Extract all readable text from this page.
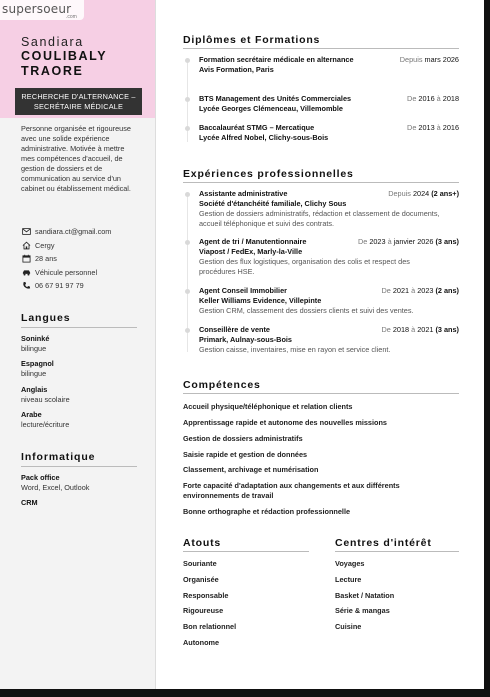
supersoeur
.com
Sandiara
COULIBALY
TRAORE
RECHERCHE D'ALTERNANCE –
SECRÉTAIRE MÉDICALE
Personne organisée et rigoureuse avec une solide expérience administrative. Motivée à mettre mes compétences d'accueil, de gestion de dossiers et de communication au service d'un cabinet ou établissement médical.
sandiara.ct@gmail.com
Cergy
28 ans
Véhicule personnel
06 67 91 97 79
Langues
Soninké
bilingue
Espagnol
bilingue
Anglais
niveau scolaire
Arabe
lecture/écriture
Informatique
Pack office
Word, Excel, Outlook
CRM
Diplômes et Formations
Formation secrétaire médicale en alternance	Depuis mars 2026
Avis Formation, Paris
BTS Management des Unités Commerciales	De 2016 à 2018
Lycée Georges Clémenceau, Villemomble
Baccalauréat STMG – Mercatique	De 2013 à 2016
Lycée Alfred Nobel, Clichy-sous-Bois
Expériences professionnelles
Assistante administrative	Depuis 2024 (2 ans+)
Société d'étanchéité familiale, Clichy Sous
Gestion de dossiers administratifs, rédaction et classement de documents,
accueil téléphonique et suivi des contrats.
Agent de tri / Manutentionnaire	De 2023 à janvier 2026 (3 ans)
Viapost / FedEx, Marly-la-Ville
Gestion des flux logistiques, organisation des colis et respect des
procédures HSE.
Agent Conseil Immobilier	De 2021 à 2023 (2 ans)
Keller Williams Evidence, Villepinte
Gestion CRM, classement des dossiers clients et suivi des ventes.
Conseillère de vente	De 2018 à 2021 (3 ans)
Primark, Aulnay-sous-Bois
Gestion caisse, inventaires, mise en rayon et service client.
Compétences
Accueil physique/téléphonique et relation clients
Apprentissage rapide et autonome des nouvelles missions
Gestion de dossiers administratifs
Saisie rapide et gestion de données
Classement, archivage et numérisation
Forte capacité d'adaptation aux changements et aux différents environnements de travail
Bonne orthographe et rédaction professionnelle
Atouts
Souriante
Organisée
Responsable
Rigoureuse
Bon relationnel
Autonome
Centres d'intérêt
Voyages
Lecture
Basket / Natation
Série & mangas
Cuisine
